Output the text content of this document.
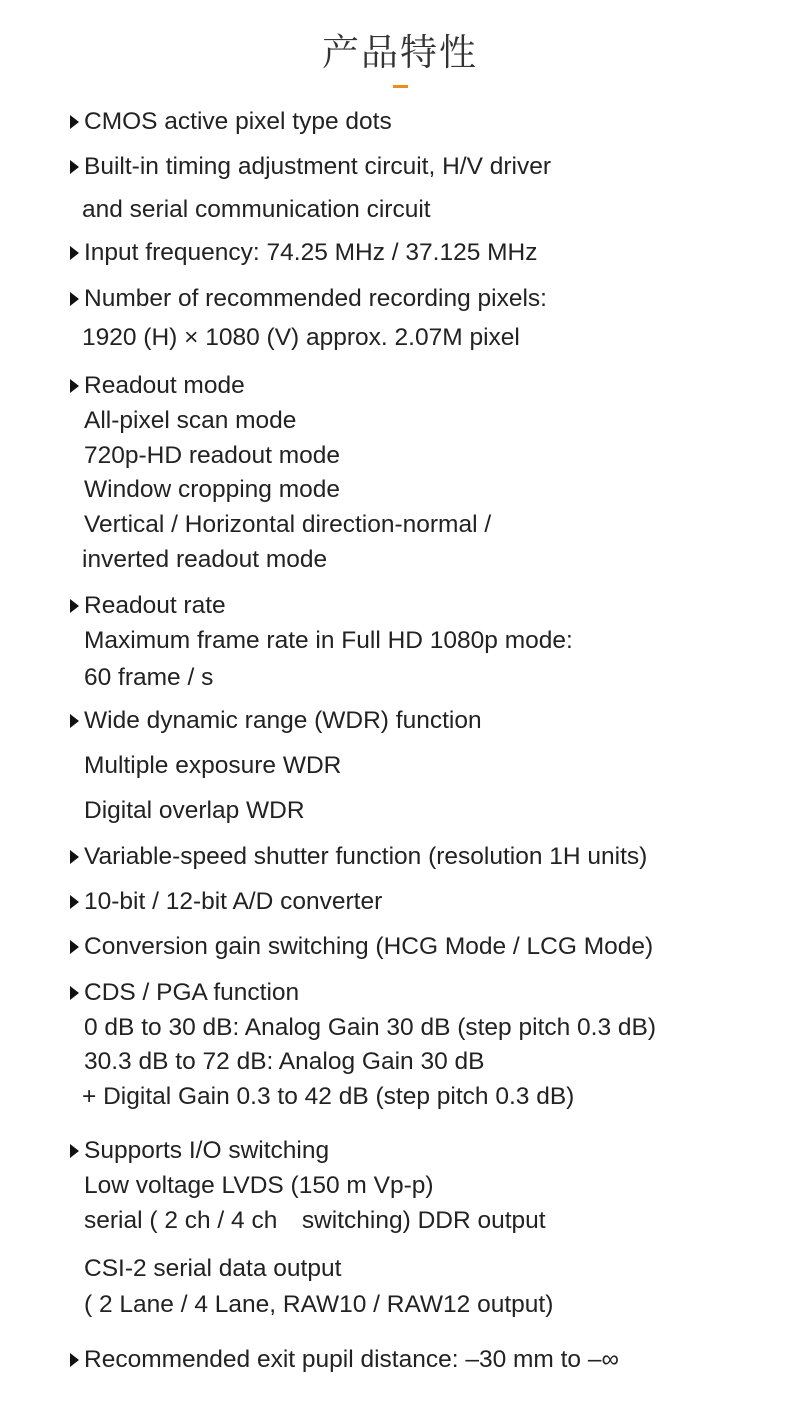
产品特性
CMOS active pixel type dots
Built-in timing adjustment circuit, H/V driver
and serial communication circuit
Input frequency: 74.25 MHz / 37.125 MHz
Number of recommended recording pixels:
1920 (H) × 1080 (V) approx. 2.07M pixel
Readout mode
All-pixel scan mode
720p-HD readout mode
Window cropping mode
Vertical / Horizontal direction-normal /
inverted readout mode
Readout rate
Maximum frame rate in Full HD 1080p mode:
60 frame / s
Wide dynamic range (WDR) function
Multiple exposure WDR
Digital overlap WDR
Variable-speed shutter function (resolution 1H units)
10-bit / 12-bit A/D converter
Conversion gain switching (HCG Mode / LCG Mode)
CDS / PGA function
0 dB to 30 dB: Analog Gain 30 dB (step pitch 0.3 dB)
30.3 dB to 72 dB: Analog Gain 30 dB
+ Digital Gain 0.3 to 42 dB (step pitch 0.3 dB)
Supports I/O switching
Low voltage LVDS (150 m Vp-p)
serial ( 2 ch / 4 ch　switching) DDR output
CSI-2 serial data output
( 2 Lane / 4 Lane, RAW10 / RAW12 output)
Recommended exit pupil distance: –30 mm to –∞
